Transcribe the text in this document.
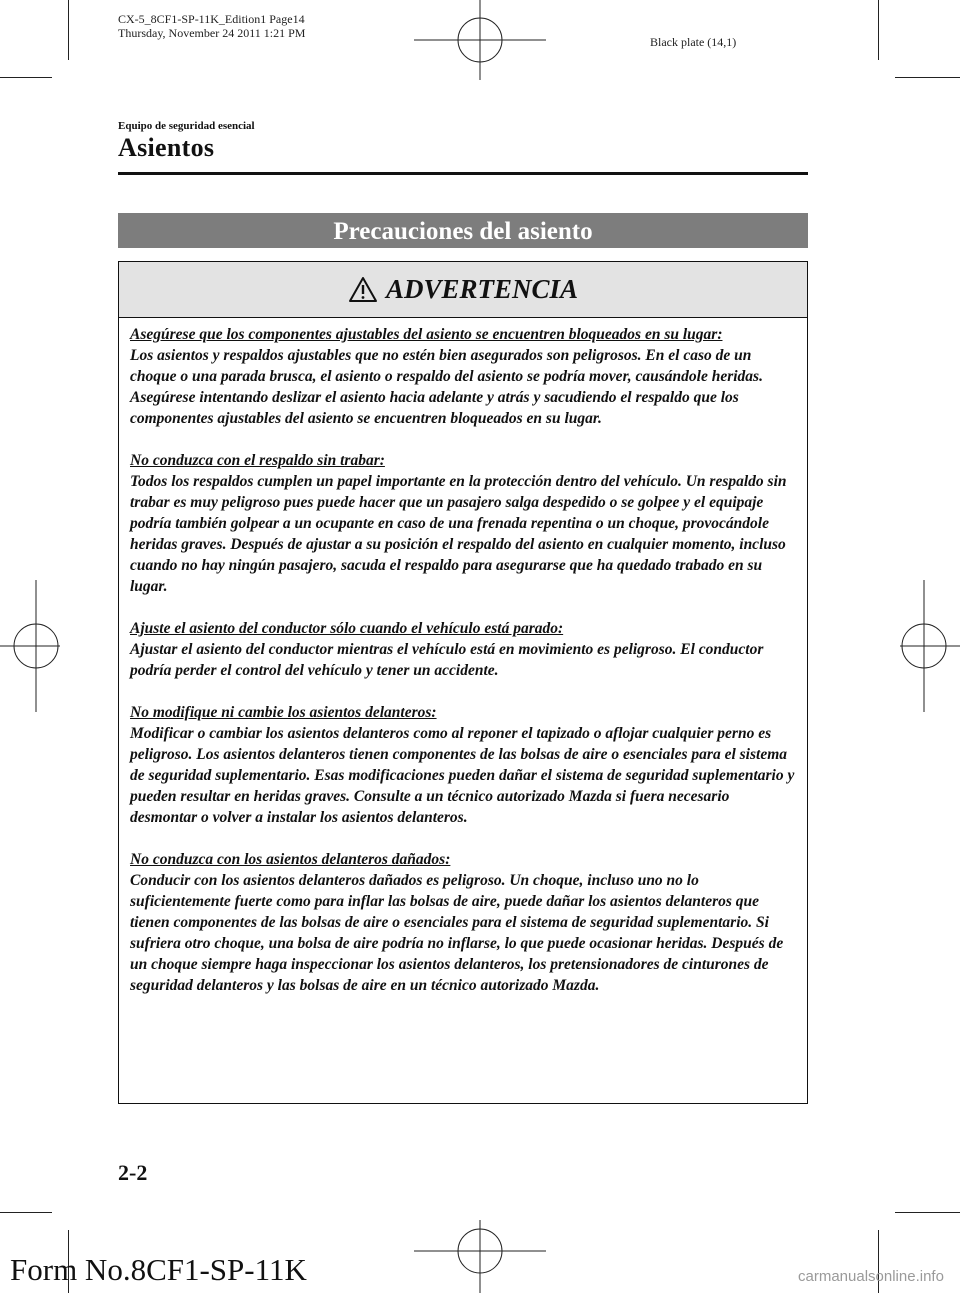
CX-5_8CF1-SP-11K_Edition1 Page14
Thursday, November 24 2011 1:21 PM
Black plate (14,1)
Equipo de seguridad esencial
Asientos
Precauciones del asiento
ADVERTENCIA
Asegúrese que los componentes ajustables del asiento se encuentren bloqueados en su lugar:
Los asientos y respaldos ajustables que no estén bien asegurados son peligrosos. En el caso de un choque o una parada brusca, el asiento o respaldo del asiento se podría mover, causándole heridas. Asegúrese intentando deslizar el asiento hacia adelante y atrás y sacudiendo el respaldo que los componentes ajustables del asiento se encuentren bloqueados en su lugar.
No conduzca con el respaldo sin trabar:
Todos los respaldos cumplen un papel importante en la protección dentro del vehículo. Un respaldo sin trabar es muy peligroso pues puede hacer que un pasajero salga despedido o se golpee y el equipaje podría también golpear a un ocupante en caso de una frenada repentina o un choque, provocándole heridas graves. Después de ajustar a su posición el respaldo del asiento en cualquier momento, incluso cuando no hay ningún pasajero, sacuda el respaldo para asegurarse que ha quedado trabado en su lugar.
Ajuste el asiento del conductor sólo cuando el vehículo está parado:
Ajustar el asiento del conductor mientras el vehículo está en movimiento es peligroso. El conductor podría perder el control del vehículo y tener un accidente.
No modifique ni cambie los asientos delanteros:
Modificar o cambiar los asientos delanteros como al reponer el tapizado o aflojar cualquier perno es peligroso. Los asientos delanteros tienen componentes de las bolsas de aire o esenciales para el sistema de seguridad suplementario. Esas modificaciones pueden dañar el sistema de seguridad suplementario y pueden resultar en heridas graves. Consulte a un técnico autorizado Mazda si fuera necesario desmontar o volver a instalar los asientos delanteros.
No conduzca con los asientos delanteros dañados:
Conducir con los asientos delanteros dañados es peligroso. Un choque, incluso uno no lo suficientemente fuerte como para inflar las bolsas de aire, puede dañar los asientos delanteros que tienen componentes de las bolsas de aire o esenciales para el sistema de seguridad suplementario. Si sufriera otro choque, una bolsa de aire podría no inflarse, lo que puede ocasionar heridas. Después de un choque siempre haga inspeccionar los asientos delanteros, los pretensionadores de cinturones de seguridad delanteros y las bolsas de aire en un técnico autorizado Mazda.
2-2
Form No.8CF1-SP-11K	carmanualsonline.info
